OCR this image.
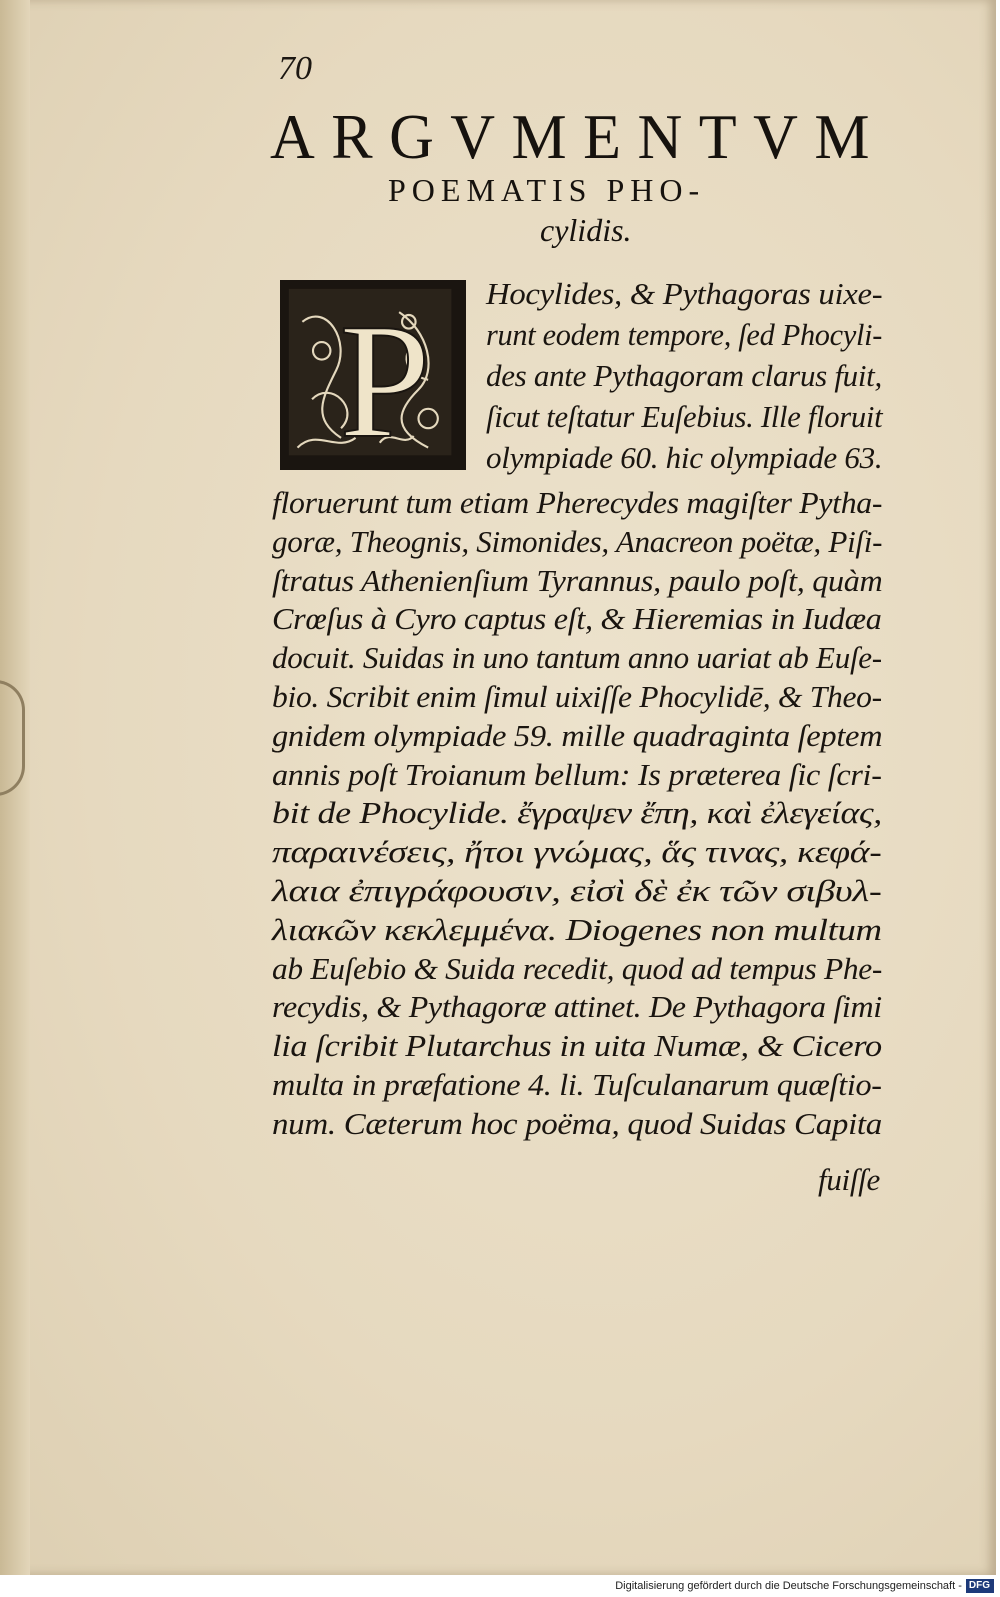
70
ARGVMENTVM
POEMATIS PHO-
cylidis.
P
fuiſſe
Hocylides, & Pythagoras uixe-
runt eodem tempore, ſed Phocyli-
des ante Pythagoram clarus fuit,
ſicut teſtatur Euſebius. Ille floruit
olympiade 60. hic olympiade 63.
floruerunt tum etiam Pherecydes magiſter Pytha-
goræ, Theognis, Simonides, Anacreon poëtæ, Piſi-
ſtratus Athenienſium Tyrannus, paulo poſt, quàm
Crœſus à Cyro captus eſt, & Hieremias in Iudæa
docuit. Suidas in uno tantum anno uariat ab Euſe-
bio. Scribit enim ſimul uixiſſe Phocylidē, & Theo-
gnidem olympiade 59. mille quadraginta ſeptem
annis poſt Troianum bellum: Is præterea ſic ſcri-
bit de Phocylide. ἔγραψεν ἔπη, καὶ ἐλεγείας,
παραινέσεις, ἤτοι γνώμας, ἅς τινας, κεφά-
λαια ἐπιγράφουσιν, εἰσὶ δὲ ἐκ τῶν σιβυλ-
λιακῶν κεκλεμμένα. Diogenes non multum
ab Euſebio & Suida recedit, quod ad tempus Phe-
recydis, & Pythagoræ attinet. De Pythagora ſimi
lia ſcribit Plutarchus in uita Numæ, & Cicero
multa in præfatione 4. li. Tuſculanarum quæſtio-
num. Cæterum hoc poëma, quod Suidas Capita
Digitalisierung gefördert durch die Deutsche Forschungsgemeinschaft - DFG
